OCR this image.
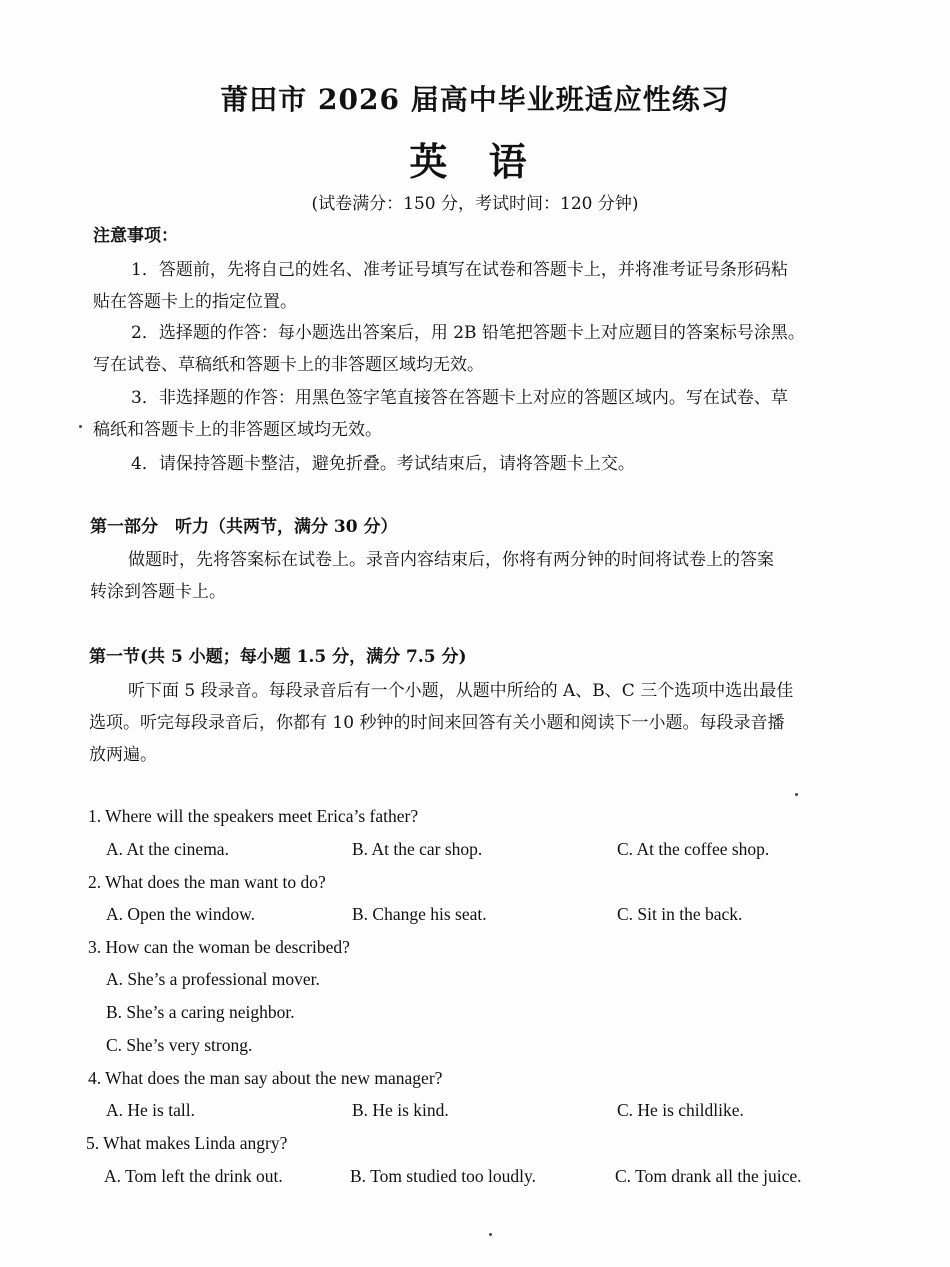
莆田市 2026 届高中毕业班适应性练习
英 语
(试卷满分：150 分，考试时间：120 分钟)
注意事项：
1．答题前，先将自己的姓名、准考证号填写在试卷和答题卡上，并将准考证号条形码粘
贴在答题卡上的指定位置。
2．选择题的作答：每小题选出答案后，用 2B 铅笔把答题卡上对应题目的答案标号涂黑。
写在试卷、草稿纸和答题卡上的非答题区域均无效。
3．非选择题的作答：用黑色签字笔直接答在答题卡上对应的答题区域内。写在试卷、草
稿纸和答题卡上的非答题区域均无效。
4．请保持答题卡整洁，避免折叠。考试结束后，请将答题卡上交。
第一部分　听力（共两节，满分 30 分）
做题时，先将答案标在试卷上。录音内容结束后，你将有两分钟的时间将试卷上的答案
转涂到答题卡上。
第一节(共 5 小题；每小题 1.5 分，满分 7.5 分)
听下面 5 段录音。每段录音后有一个小题，从题中所给的 A、B、C 三个选项中选出最佳
选项。听完每段录音后，你都有 10 秒钟的时间来回答有关小题和阅读下一小题。每段录音播
放两遍。
1. Where will the speakers meet Erica’s father?
A. At the cinema.	B. At the car shop.	C. At the coffee shop.
2. What does the man want to do?
A. Open the window.	B. Change his seat.	C. Sit in the back.
3. How can the woman be described?
A. She’s a professional mover.
B. She’s a caring neighbor.
C. She’s very strong.
4. What does the man say about the new manager?
A. He is tall.	B. He is kind.	C. He is childlike.
5. What makes Linda angry?
A. Tom left the drink out.	B. Tom studied too loudly.	C. Tom drank all the juice.
